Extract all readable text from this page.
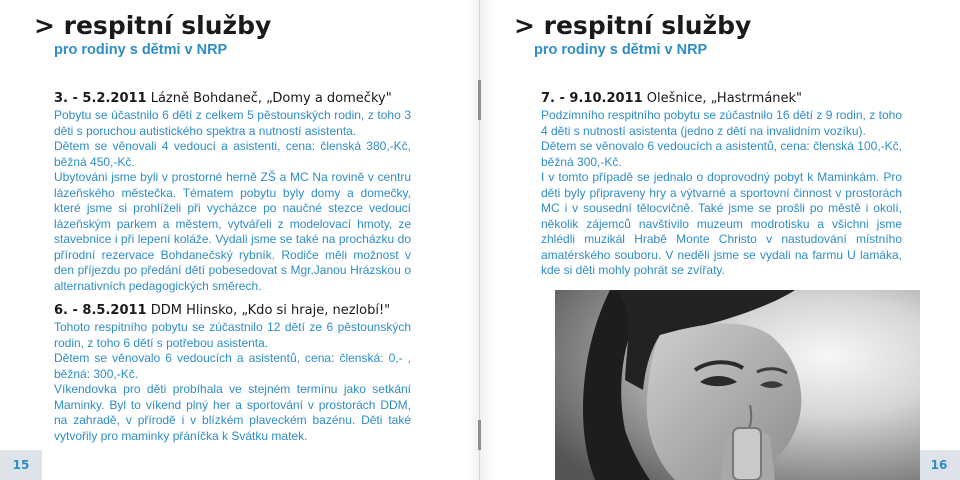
> respitní služby
pro rodiny s dětmi v NRP
3. - 5.2.2011 Lázně Bohdaneč, „Domy a domečky"

Pobytu se účastnilo 6 dětí z celkem 5 pěstounských rodin, z toho 3 děti s poruchou autistického spektra a nutností asistenta.

Dětem se věnovali 4 vedoucí a asistenti, cena: členská 380,-Kč, běžná 450,-Kč.

Ubytováni jsme byli v prostorné herně ZŠ a MC Na rovině v centru lázeňského městečka. Tématem pobytu byly domy a domečky, které jsme si prohlíželi při vycházce po naučné stezce vedoucí lázeňským parkem a městem, vytvářeli z modelovací hmoty, ze stavebnice i při lepení koláže. Vydali jsme se také na procházku do přírodní rezervace Bohdanečský rybník. Rodiče měli možnost v den příjezdu po předání dětí pobesedovat s Mgr.Janou Hrázskou o alternativních pedagogických směrech.

6. - 8.5.2011 DDM Hlinsko, „Kdo si hraje, nezlobí!"

Tohoto respitního pobytu se zúčastnilo 12 dětí ze 6 pěstounských rodin, z toho 6 dětí s potřebou asistenta.

Dětem se věnovalo 6 vedoucích a asistentů, cena: členská: 0,- , běžná: 300,-Kč.

Víkendovka pro děti probíhala ve stejném termínu jako setkání Maminky. Byl to víkend plný her a sportování v prostorách DDM, na zahradě, v přírodě i v blízkém plaveckém bazénu. Děti také vytvořily pro maminky přáníčka k Svátku matek.

15
> respitní služby
pro rodiny s dětmi v NRP
7. - 9.10.2011 Olešnice, „Hastrmánek"

Podzimního respitního pobytu se zúčastnilo 16 dětí z 9 rodin, z toho 4 děti s nutností asistenta (jedno z dětí na invalidním vozíku).

Dětem se věnovalo 6 vedoucích a asistentů, cena: členská 100,-Kč, běžná 300,-Kč.

I v tomto případě se jednalo o doprovodný pobyt k Maminkám. Pro děti byly připraveny hry a výtvarné a sportovní činnost v prostorách MC i v sousední tělocvičně. Také jsme se prošli po městě i okolí, několik zájemců navštívilo muzeum modrotisku a všichni jsme zhlédli muzikál Hrabě Monte Christo v nastudování místního amatérského souboru. V neděli jsme se vydali na farmu U lamáka, kde si děti mohly pohrát se zvířaty.

16
